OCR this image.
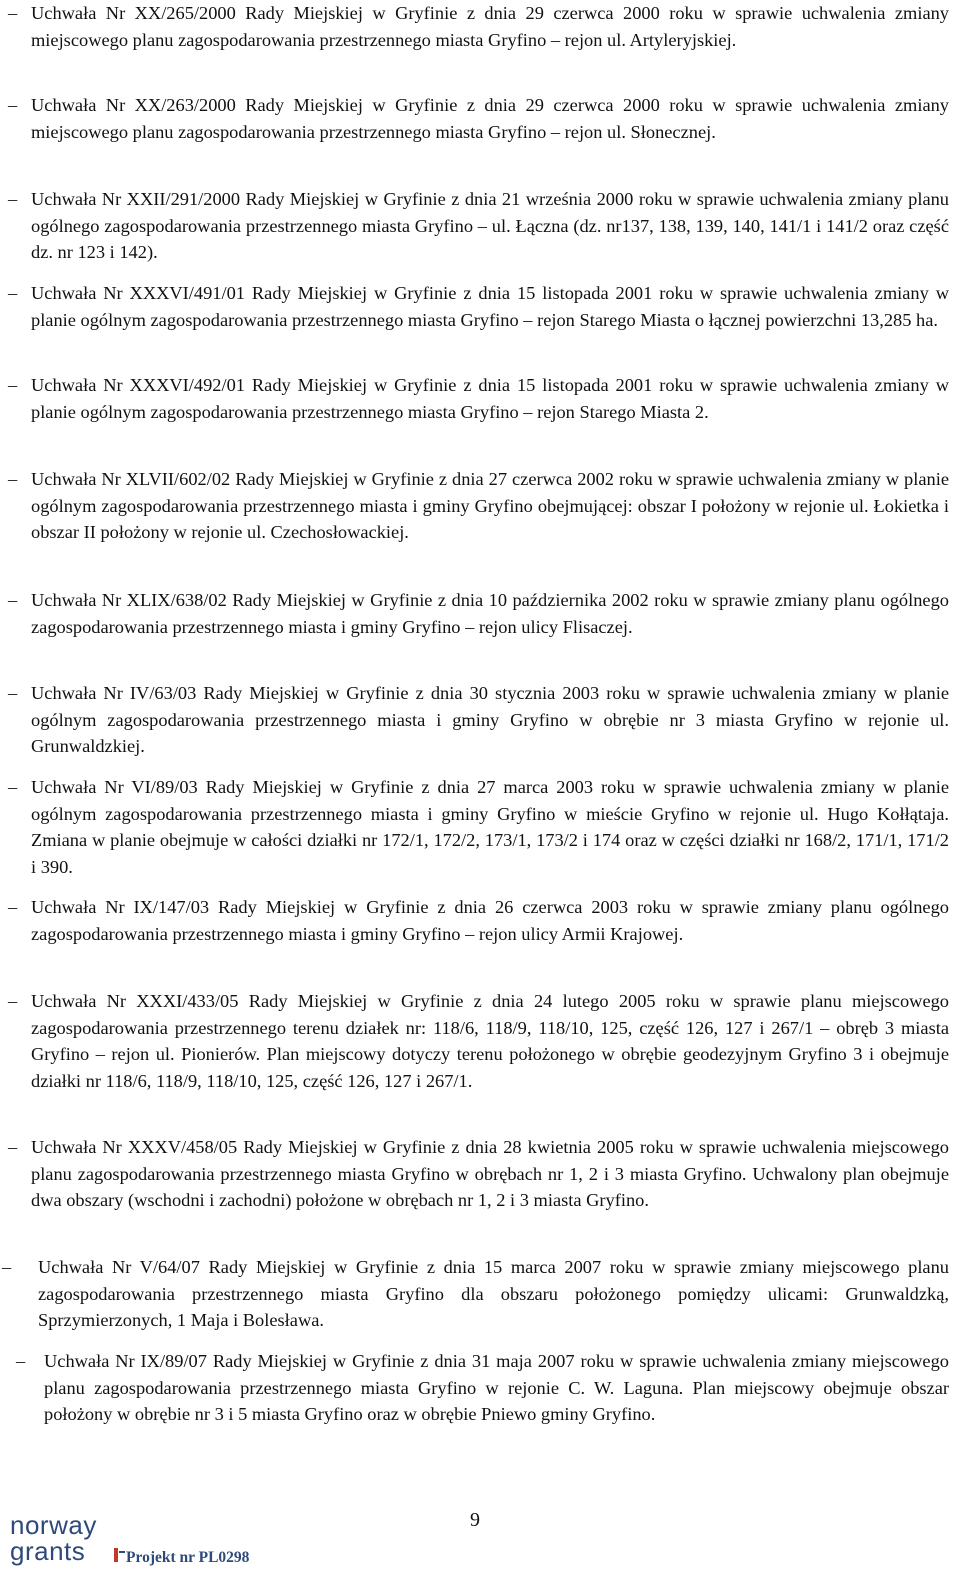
– Uchwała Nr XX/265/2000 Rady Miejskiej w Gryfinie z dnia 29 czerwca 2000 roku w sprawie uchwalenia zmiany miejscowego planu zagospodarowania przestrzennego miasta Gryfino – rejon ul. Artyleryjskiej.
– Uchwała Nr XX/263/2000 Rady Miejskiej w Gryfinie z dnia 29 czerwca 2000 roku w sprawie uchwalenia zmiany miejscowego planu zagospodarowania przestrzennego miasta Gryfino – rejon ul. Słonecznej.
– Uchwała Nr XXII/291/2000 Rady Miejskiej w Gryfinie z dnia 21 września 2000 roku w sprawie uchwalenia zmiany planu ogólnego zagospodarowania przestrzennego miasta Gryfino – ul. Łączna (dz. nr137, 138, 139, 140, 141/1 i 141/2 oraz część dz. nr 123 i 142).
– Uchwała Nr XXXVI/491/01 Rady Miejskiej w Gryfinie z dnia 15 listopada 2001 roku w sprawie uchwalenia zmiany w planie ogólnym zagospodarowania przestrzennego miasta Gryfino – rejon Starego Miasta o łącznej powierzchni 13,285 ha.
– Uchwała Nr XXXVI/492/01 Rady Miejskiej w Gryfinie z dnia 15 listopada 2001 roku w sprawie uchwalenia zmiany w planie ogólnym zagospodarowania przestrzennego miasta Gryfino – rejon Starego Miasta 2.
– Uchwała Nr XLVII/602/02 Rady Miejskiej w Gryfinie z dnia 27 czerwca 2002 roku w sprawie uchwalenia zmiany w planie ogólnym zagospodarowania przestrzennego miasta i gminy Gryfino obejmującej: obszar I położony w rejonie ul. Łokietka i obszar II położony w rejonie ul. Czechosłowackiej.
– Uchwała Nr XLIX/638/02 Rady Miejskiej w Gryfinie z dnia 10 października 2002 roku w sprawie zmiany planu ogólnego zagospodarowania przestrzennego miasta i gminy Gryfino – rejon ulicy Flisaczej.
– Uchwała Nr IV/63/03 Rady Miejskiej w Gryfinie z dnia 30 stycznia 2003 roku w sprawie uchwalenia zmiany w planie ogólnym zagospodarowania przestrzennego miasta i gminy Gryfino w obrębie nr 3 miasta Gryfino w rejonie ul. Grunwaldzkiej.
– Uchwała Nr VI/89/03 Rady Miejskiej w Gryfinie z dnia 27 marca 2003 roku w sprawie uchwalenia zmiany w planie ogólnym zagospodarowania przestrzennego miasta i gminy Gryfino w mieście Gryfino w rejonie ul. Hugo Kołłątaja. Zmiana w planie obejmuje w całości działki nr 172/1, 172/2, 173/1, 173/2 i 174 oraz w części działki nr 168/2, 171/1, 171/2 i 390.
– Uchwała Nr IX/147/03 Rady Miejskiej w Gryfinie z dnia 26 czerwca 2003 roku w sprawie zmiany planu ogólnego zagospodarowania przestrzennego miasta i gminy Gryfino – rejon ulicy Armii Krajowej.
– Uchwała Nr XXXI/433/05 Rady Miejskiej w Gryfinie z dnia 24 lutego 2005 roku w sprawie planu miejscowego zagospodarowania przestrzennego terenu działek nr: 118/6, 118/9, 118/10, 125, część 126, 127 i 267/1 – obręb 3 miasta Gryfino – rejon ul. Pionierów. Plan miejscowy dotyczy terenu położonego w obrębie geodezyjnym Gryfino 3 i obejmuje działki nr 118/6, 118/9, 118/10, 125, część 126, 127 i 267/1.
– Uchwała Nr XXXV/458/05 Rady Miejskiej w Gryfinie z dnia 28 kwietnia 2005 roku w sprawie uchwalenia miejscowego planu zagospodarowania przestrzennego miasta Gryfino w obrębach nr 1, 2 i 3 miasta Gryfino. Uchwalony plan obejmuje dwa obszary (wschodni i zachodni) położone w obrębach nr 1, 2 i 3 miasta Gryfino.
– Uchwała Nr V/64/07 Rady Miejskiej w Gryfinie z dnia 15 marca 2007 roku w sprawie zmiany miejscowego planu zagospodarowania przestrzennego miasta Gryfino dla obszaru położonego pomiędzy ulicami: Grunwaldzką, Sprzymierzonych, 1 Maja i Bolesława.
– Uchwała Nr IX/89/07 Rady Miejskiej w Gryfinie z dnia 31 maja 2007 roku w sprawie uchwalenia zmiany miejscowego planu zagospodarowania przestrzennego miasta Gryfino w rejonie C. W. Laguna. Plan miejscowy obejmuje obszar położony w obrębie nr 3 i 5 miasta Gryfino oraz w obrębie Pniewo gminy Gryfino.
9
norway
grants	Projekt nr PL0298
